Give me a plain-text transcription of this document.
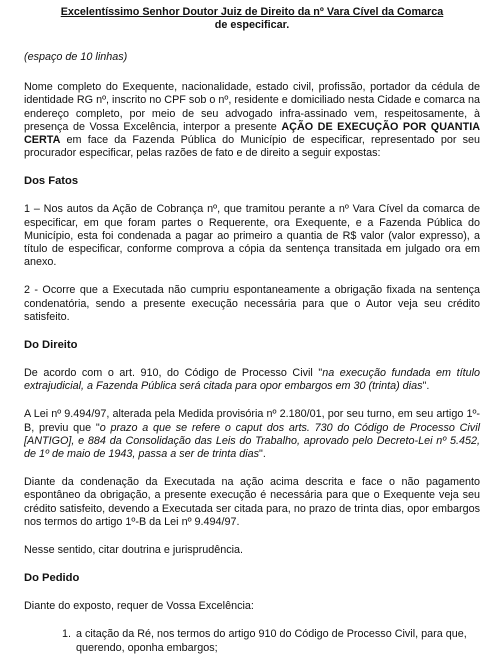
Excelentíssimo Senhor Doutor Juiz de Direito da nº Vara Cível da Comarca
de especificar.

(espaço de 10 linhas)

Nome completo do Exequente, nacionalidade, estado civil, profissão, portador da cédula de identidade RG nº, inscrito no CPF sob o nº, residente e domiciliado nesta Cidade e comarca na endereço completo, por meio de seu advogado infra-assinado vem, respeitosamente, à presença de Vossa Excelência, interpor a presente AÇÃO DE EXECUÇÃO POR QUANTIA CERTA em face da Fazenda Pública do Município de especificar, representado por seu procurador especificar, pelas razões de fato e de direito a seguir expostas:

Dos Fatos

1 – Nos autos da Ação de Cobrança nº, que tramitou perante a nº Vara Cível da comarca de especificar, em que foram partes o Requerente, ora Exequente, e a Fazenda Pública do Município, esta foi condenada a pagar ao primeiro a quantia de R$ valor (valor expresso), a título de especificar, conforme comprova a cópia da sentença transitada em julgado ora em anexo.

2 - Ocorre que a Executada não cumpriu espontaneamente a obrigação fixada na sentença condenatória, sendo a presente execução necessária para que o Autor veja seu crédito satisfeito.

Do Direito

De acordo com o art. 910, do Código de Processo Civil "na execução fundada em título extrajudicial, a Fazenda Pública será citada para opor embargos em 30 (trinta) dias".

A Lei nº 9.494/97, alterada pela Medida provisória nº 2.180/01, por seu turno, em seu artigo 1º-B, previu que "o prazo a que se refere o caput dos arts. 730 do Código de Processo Civil [ANTIGO], e 884 da Consolidação das Leis do Trabalho, aprovado pelo Decreto-Lei nº 5.452, de 1º de maio de 1943, passa a ser de trinta dias".

Diante da condenação da Executada na ação acima descrita e face o não pagamento espontâneo da obrigação, a presente execução é necessária para que o Exequente veja seu crédito satisfeito, devendo a Executada ser citada para, no prazo de trinta dias, opor embargos nos termos do artigo 1º-B da Lei nº 9.494/97.

Nesse sentido, citar doutrina e jurisprudência.

Do Pedido

Diante do exposto, requer de Vossa Excelência:

1. a citação da Ré, nos termos do artigo 910 do Código de Processo Civil, para que, querendo, oponha embargos;
